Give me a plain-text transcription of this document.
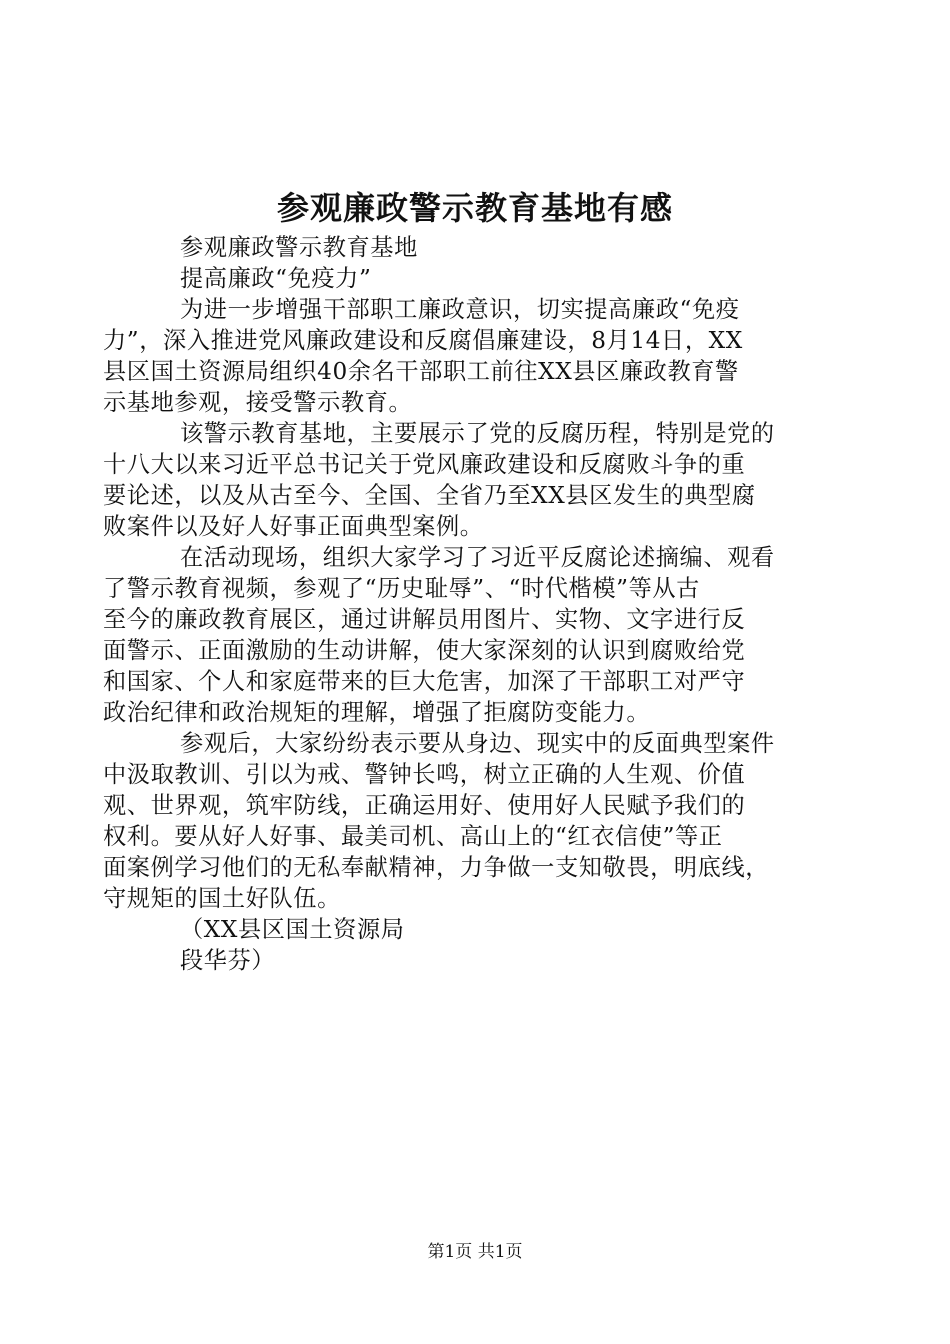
参观廉政警示教育基地有感
参观廉政警示教育基地
提高廉政“免疫力”
为进一步增强干部职工廉政意识，切实提高廉政“免疫
力”，深入推进党风廉政建设和反腐倡廉建设，8月14日，XX
县区国土资源局组织40余名干部职工前往XX县区廉政教育警
示基地参观，接受警示教育。
该警示教育基地，主要展示了党的反腐历程，特别是党的
十八大以来习近平总书记关于党风廉政建设和反腐败斗争的重
要论述，以及从古至今、全国、全省乃至XX县区发生的典型腐
败案件以及好人好事正面典型案例。
在活动现场，组织大家学习了习近平反腐论述摘编、观看
了警示教育视频，参观了“历史耻辱”、“时代楷模”等从古
至今的廉政教育展区，通过讲解员用图片、实物、文字进行反
面警示、正面激励的生动讲解，使大家深刻的认识到腐败给党
和国家、个人和家庭带来的巨大危害，加深了干部职工对严守
政治纪律和政治规矩的理解，增强了拒腐防变能力。
参观后，大家纷纷表示要从身边、现实中的反面典型案件
中汲取教训、引以为戒、警钟长鸣，树立正确的人生观、价值
观、世界观，筑牢防线，正确运用好、使用好人民赋予我们的
权利。要从好人好事、最美司机、高山上的“红衣信使”等正
面案例学习他们的无私奉献精神，力争做一支知敬畏，明底线，
守规矩的国土好队伍。
（XX县区国土资源局
段华芬）
第1页 共1页
